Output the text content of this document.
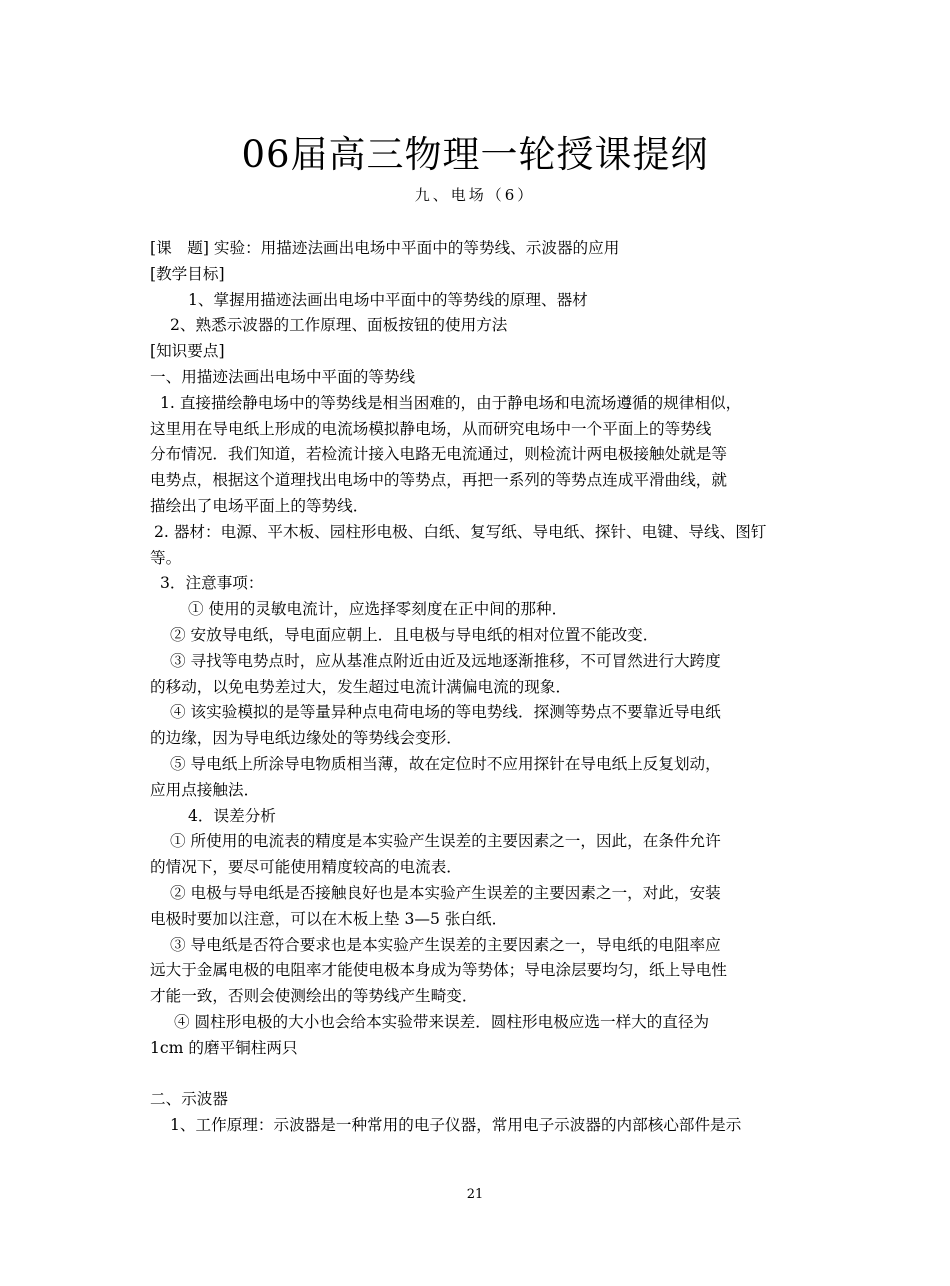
06届高三物理一轮授课提纲
九、电场（6）
[课　题] 实验：用描迹法画出电场中平面中的等势线、示波器的应用
[教学目标]
1、掌握用描迹法画出电场中平面中的等势线的原理、器材
2、熟悉示波器的工作原理、面板按钮的使用方法
[知识要点]
一、用描迹法画出电场中平面的等势线
1. 直接描绘静电场中的等势线是相当困难的，由于静电场和电流场遵循的规律相似，
这里用在导电纸上形成的电流场模拟静电场，从而研究电场中一个平面上的等势线
分布情况．我们知道，若检流计接入电路无电流通过，则检流计两电极接触处就是等
电势点，根据这个道理找出电场中的等势点，再把一系列的等势点连成平滑曲线，就
描绘出了电场平面上的等势线．
2. 器材：电源、平木板、园柱形电极、白纸、复写纸、导电纸、探针、电键、导线、图钉
等。
3．注意事项：
① 使用的灵敏电流计，应选择零刻度在正中间的那种．
② 安放导电纸，导电面应朝上．且电极与导电纸的相对位置不能改变．
③ 寻找等电势点时，应从基准点附近由近及远地逐渐推移，不可冒然进行大跨度
的移动，以免电势差过大，发生超过电流计满偏电流的现象．
④ 该实验模拟的是等量异种点电荷电场的等电势线．探测等势点不要靠近导电纸
的边缘，因为导电纸边缘处的等势线会变形．
⑤ 导电纸上所涂导电物质相当薄，故在定位时不应用探针在导电纸上反复划动，
应用点接触法．
4．误差分析
① 所使用的电流表的精度是本实验产生误差的主要因素之一，因此，在条件允许
的情况下，要尽可能使用精度较高的电流表．
② 电极与导电纸是否接触良好也是本实验产生误差的主要因素之一，对此，安装
电极时要加以注意，可以在木板上垫 3—5 张白纸．
③ 导电纸是否符合要求也是本实验产生误差的主要因素之一，导电纸的电阻率应
远大于金属电极的电阻率才能使电极本身成为等势体；导电涂层要均匀，纸上导电性
才能一致，否则会使测绘出的等势线产生畸变．
④ 圆柱形电极的大小也会给本实验带来误差．圆柱形电极应选一样大的直径为
1cm 的磨平铜柱两只
二、示波器
1、工作原理：示波器是一种常用的电子仪器，常用电子示波器的内部核心部件是示
21
